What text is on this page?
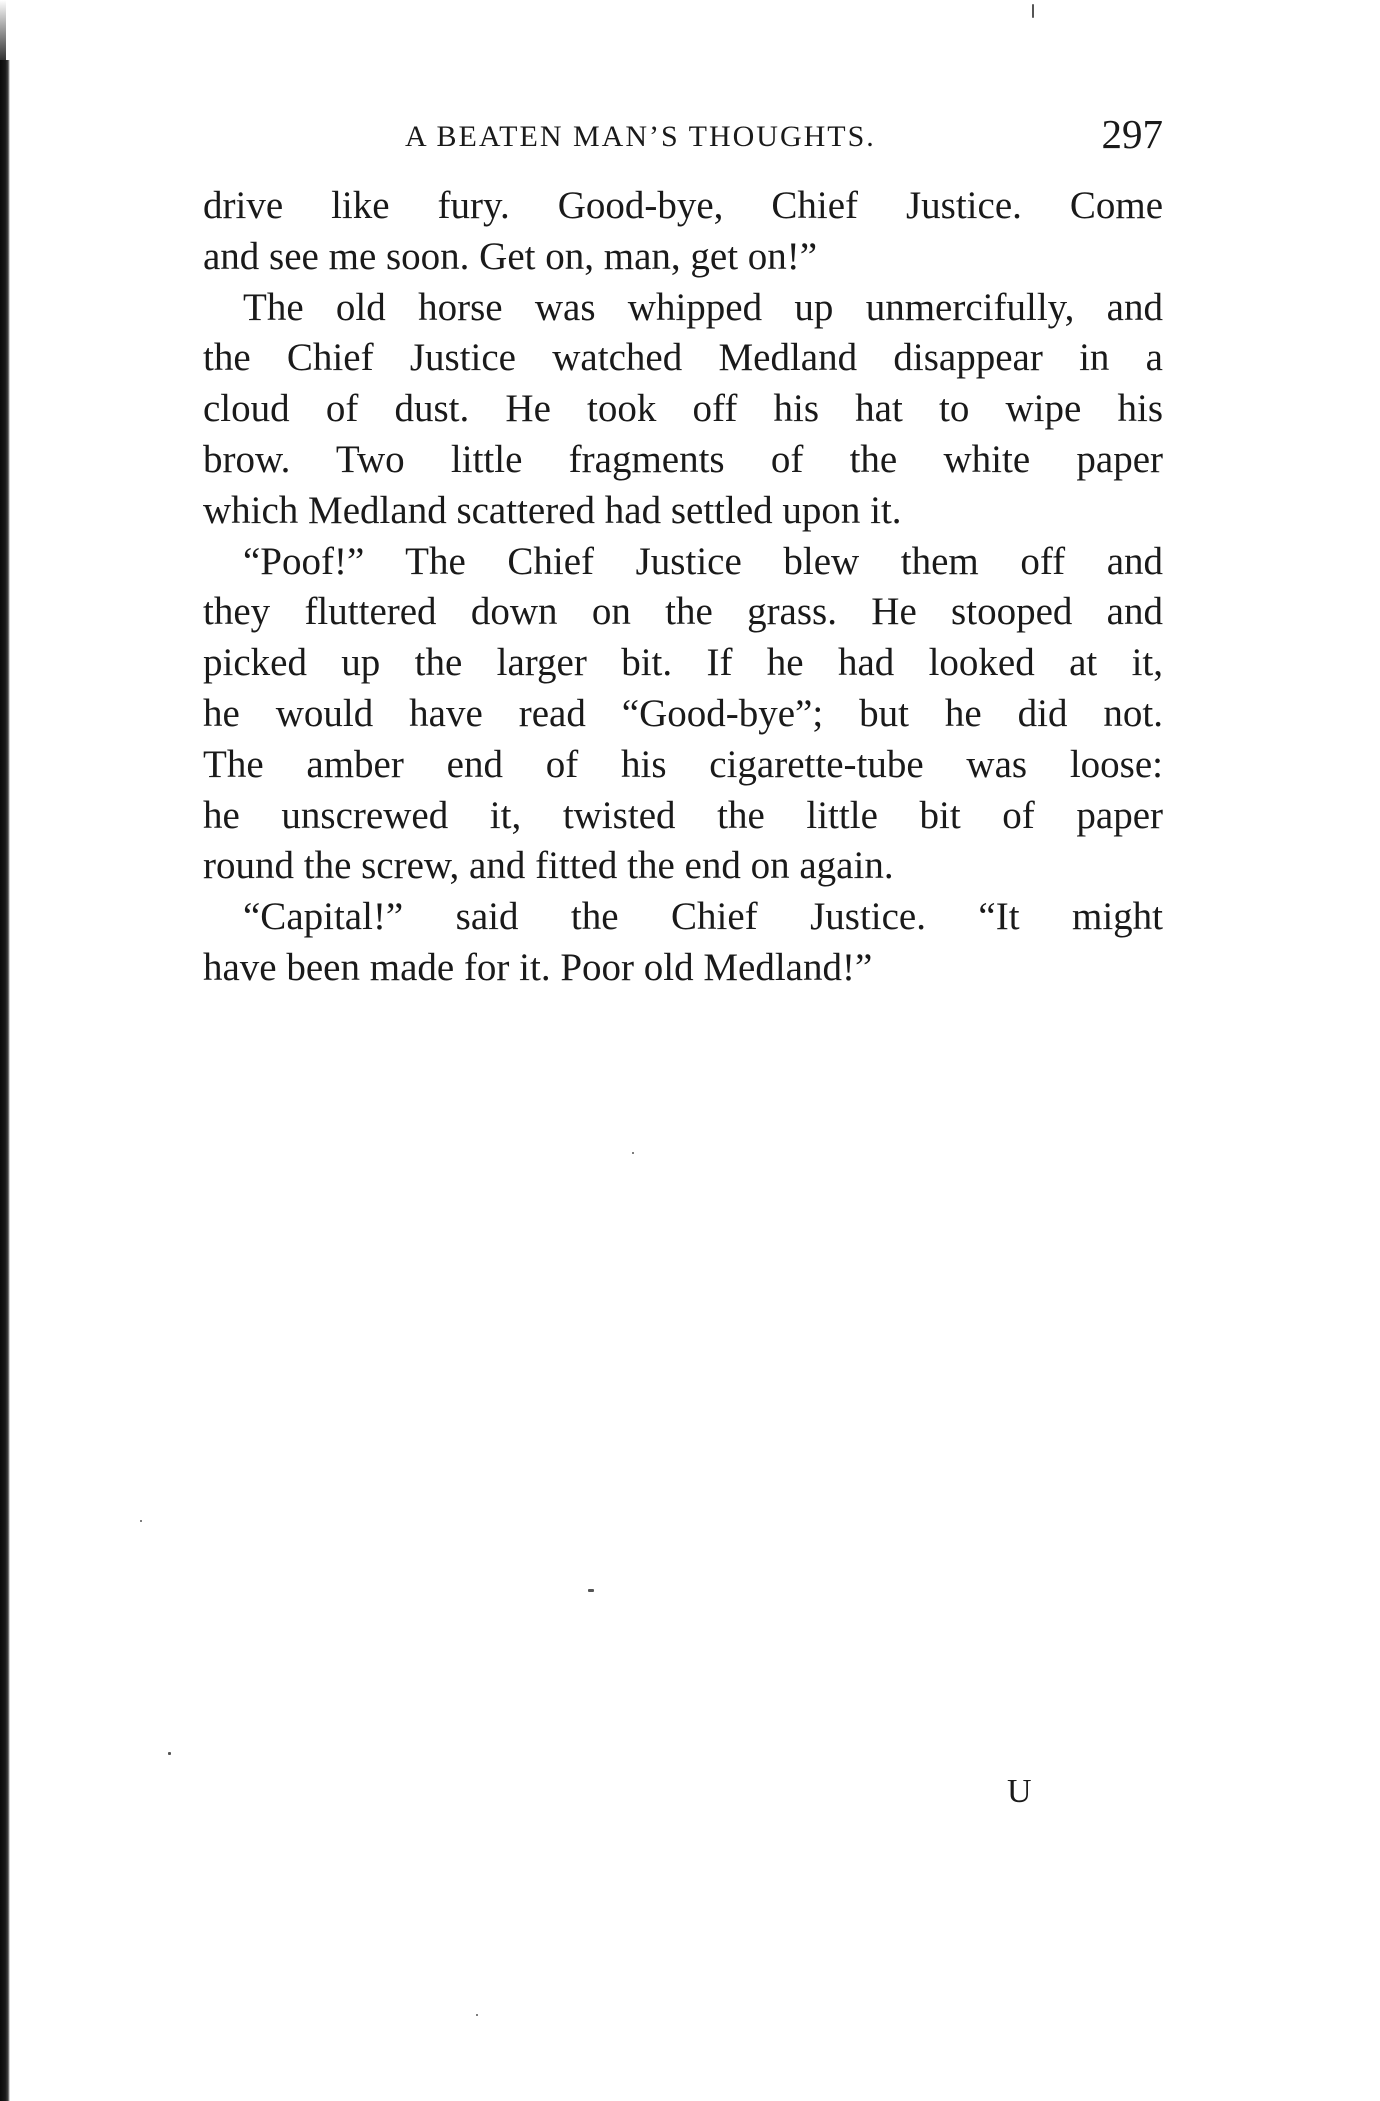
A BEATEN MAN’S THOUGHTS.	297
drive like fury. Good-bye, Chief Justice. Come
and see me soon. Get on, man, get on!”
The old horse was whipped up unmercifully, and
the Chief Justice watched Medland disappear in a
cloud of dust. He took off his hat to wipe his
brow. Two little fragments of the white paper
which Medland scattered had settled upon it.
“Poof!” The Chief Justice blew them off and
they fluttered down on the grass. He stooped and
picked up the larger bit. If he had looked at it,
he would have read “Good-bye”; but he did not.
The amber end of his cigarette-tube was loose:
he unscrewed it, twisted the little bit of paper
round the screw, and fitted the end on again.
“Capital!” said the Chief Justice. “It might
have been made for it. Poor old Medland!”
U
